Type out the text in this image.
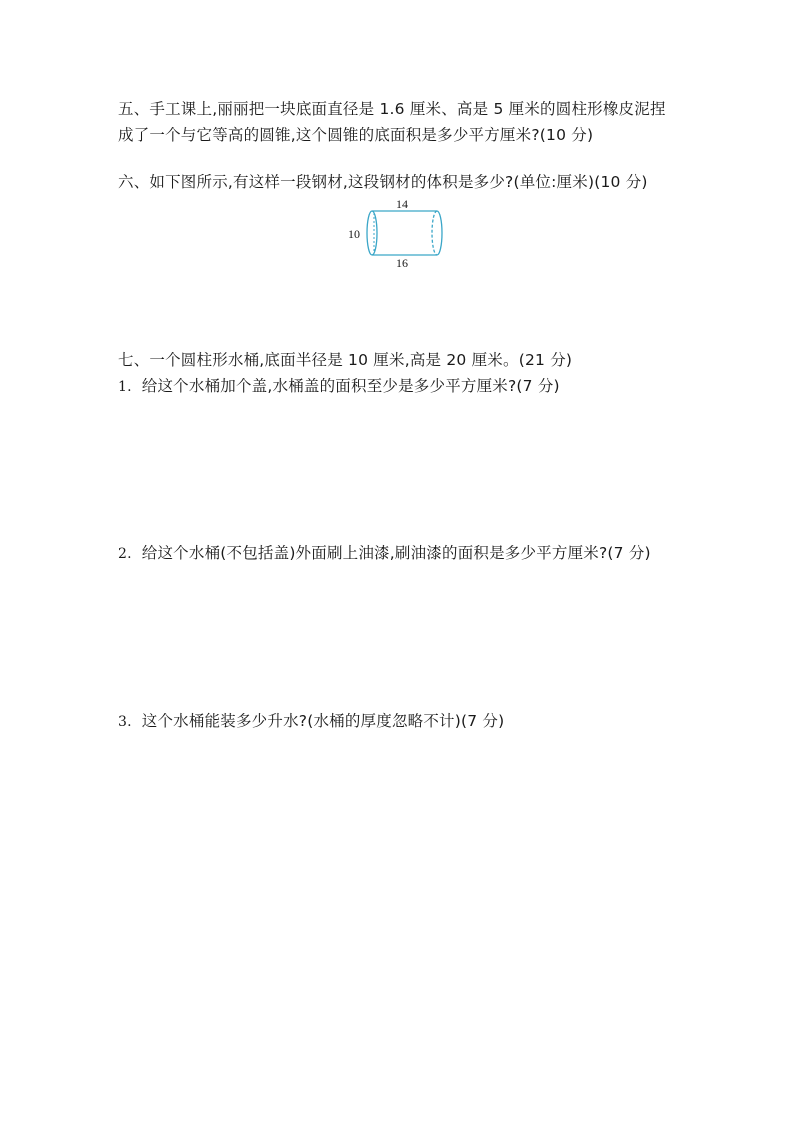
五、手工课上,丽丽把一块底面直径是 1.6 厘米、高是 5 厘米的圆柱形橡皮泥捏
成了一个与它等高的圆锥,这个圆锥的底面积是多少平方厘米?(10 分)
六、如下图所示,有这样一段钢材,这段钢材的体积是多少?(单位:厘米)(10 分)
14
10
16
七、一个圆柱形水桶,底面半径是 10 厘米,高是 20 厘米。(21 分)
1. 给这个水桶加个盖,水桶盖的面积至少是多少平方厘米?(7 分)
2. 给这个水桶(不包括盖)外面刷上油漆,刷油漆的面积是多少平方厘米?(7 分)
3. 这个水桶能装多少升水?(水桶的厚度忽略不计)(7 分)
